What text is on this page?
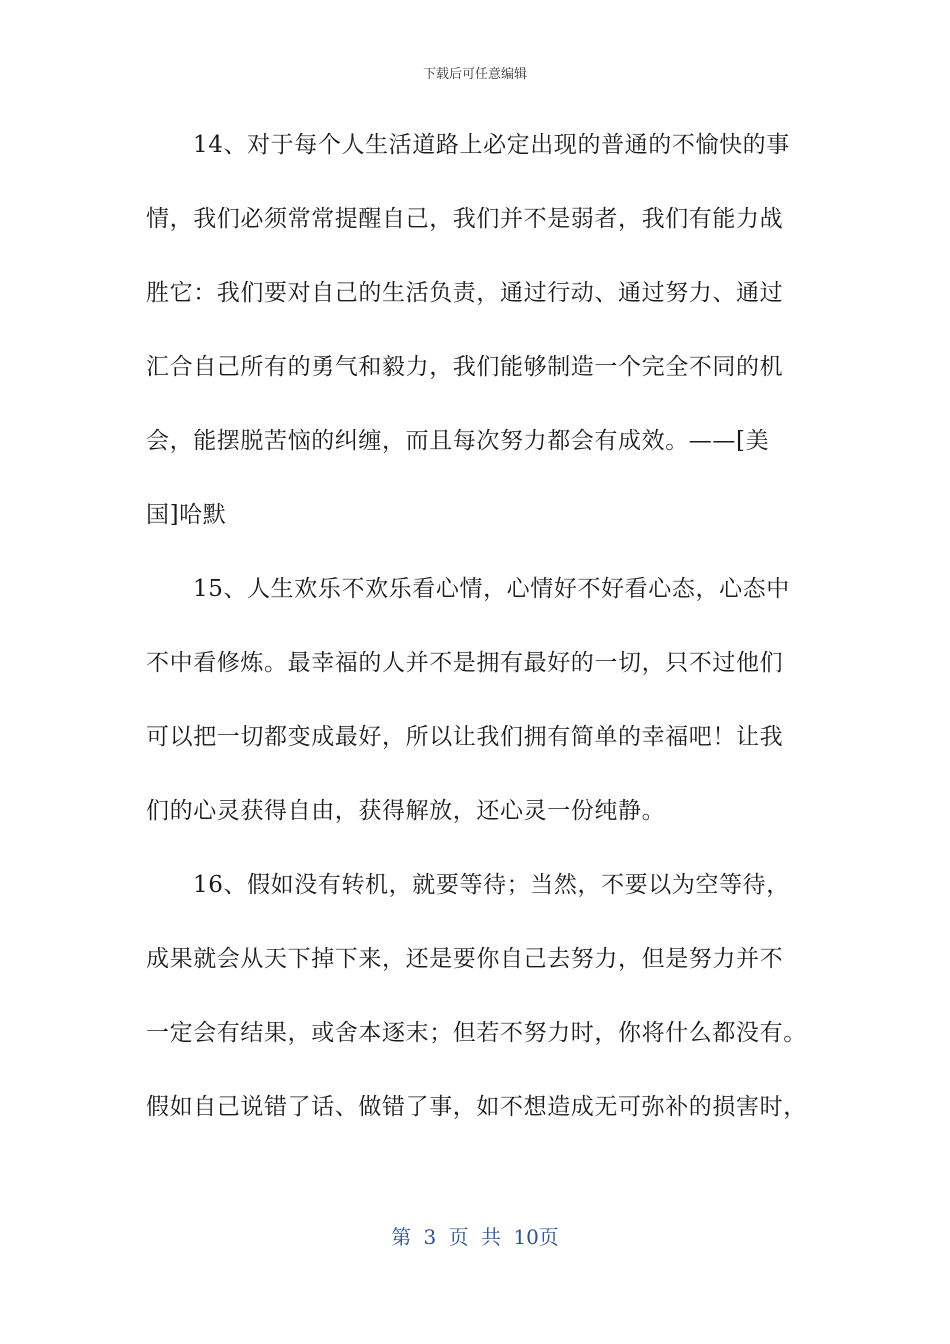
下载后可任意编辑
14、对于每个人生活道路上必定出现的普通的不愉快的事
情，我们必须常常提醒自己，我们并不是弱者，我们有能力战
胜它：我们要对自己的生活负责，通过行动、通过努力、通过
汇合自己所有的勇气和毅力，我们能够制造一个完全不同的机
会，能摆脱苦恼的纠缠，而且每次努力都会有成效。——[美
国]哈默
15、人生欢乐不欢乐看心情，心情好不好看心态，心态中
不中看修炼。最幸福的人并不是拥有最好的一切，只不过他们
可以把一切都变成最好，所以让我们拥有简单的幸福吧！让我
们的心灵获得自由，获得解放，还心灵一份纯静。
16、假如没有转机，就要等待；当然，不要以为空等待，
成果就会从天下掉下来，还是要你自己去努力，但是努力并不
一定会有结果，或舍本逐末；但若不努力时，你将什么都没有。
假如自己说错了话、做错了事，如不想造成无可弥补的损害时，
第 3 页 共 10页
